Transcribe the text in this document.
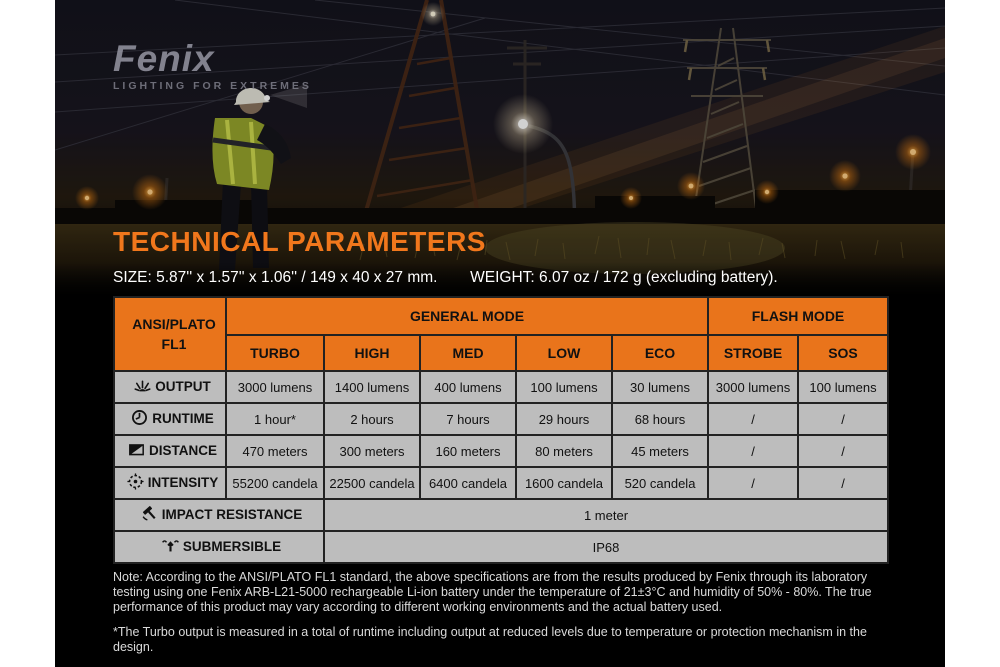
Fenix
LIGHTING FOR EXTREMES
TECHNICAL PARAMETERS
SIZE: 5.87'' x 1.57'' x 1.06'' / 149 x 40 x 27 mm. WEIGHT: 6.07 oz / 172 g (excluding battery).
ANSI/PLATO FL1	GENERAL MODE					FLASH MODE	
	TURBO	HIGH	MED	LOW	ECO	STROBE	SOS
OUTPUT	3000 lumens	1400 lumens	400 lumens	100 lumens	30 lumens	3000 lumens	100 lumens
RUNTIME	1 hour*	2 hours	7 hours	29 hours	68 hours	/	/
DISTANCE	470 meters	300 meters	160 meters	80 meters	45 meters	/	/
INTENSITY	55200 candela	22500 candela	6400 candela	1600 candela	520 candela	/	/
IMPACT RESISTANCE		1 meter					
SUBMERSIBLE		IP68					
Note: According to the ANSI/PLATO FL1 standard, the above specifications are from the results produced by Fenix through its laboratory testing using one Fenix ARB-L21-5000 rechargeable Li-ion battery under the temperature of 21±3°C and humidity of 50% - 80%. The true performance of this product may vary according to different working environments and the actual battery used.
*The Turbo output is measured in a total of runtime including output at reduced levels due to temperature or protection mechanism in the design.
